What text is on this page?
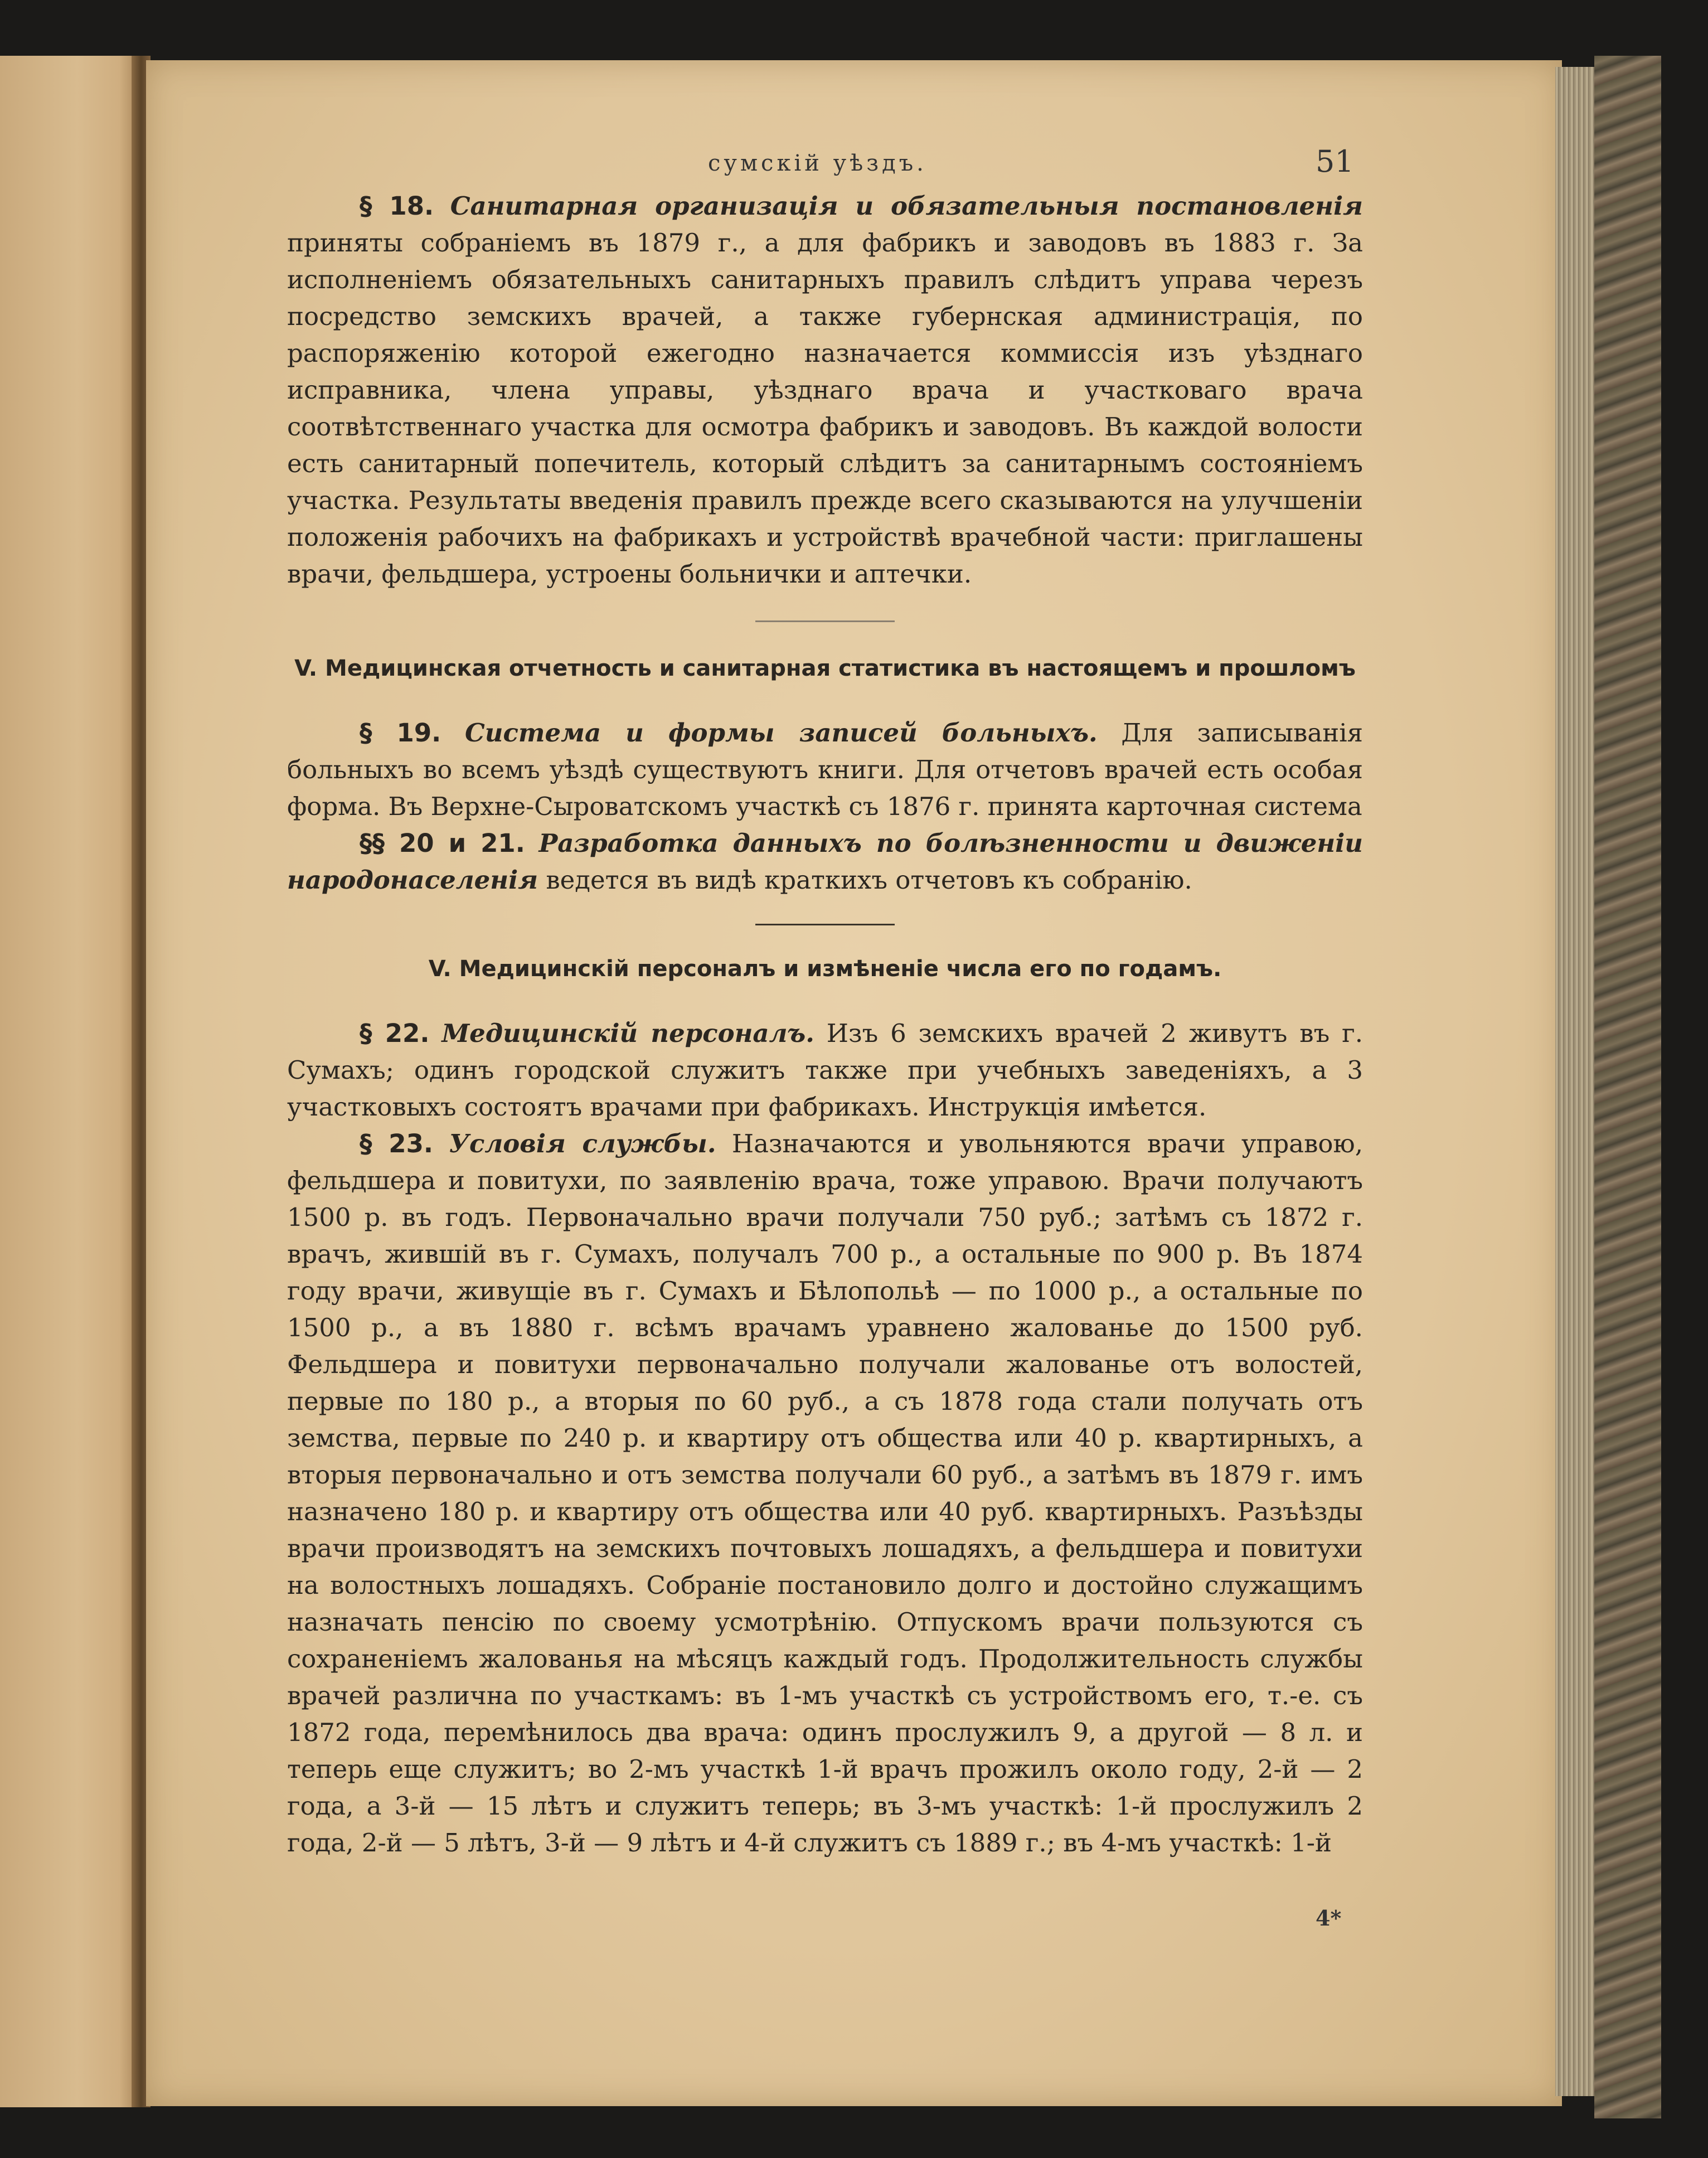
сумскій уѣздъ.	51

§ 18. Санитарная организація и обязательныя постановленія приняты собраніемъ въ 1879 г., а для фабрикъ и заводовъ въ 1883 г. За исполненіемъ обязательныхъ санитарныхъ правилъ слѣдитъ управа черезъ посредство земскихъ врачей, а также губернская администрація, по распоряженію которой ежегодно назначается коммиссія изъ уѣзднаго исправника, члена управы, уѣзднаго врача и участковаго врача соотвѣтственнаго участка для осмотра фабрикъ и заводовъ. Въ каждой волости есть санитарный попечитель, который слѣдитъ за санитарнымъ состояніемъ участка. Результаты введенія правилъ прежде всего сказываются на улучшеніи положенія рабочихъ на фабрикахъ и устройствѣ врачебной части: приглашены врачи, фельдшера, устроены больнички и аптечки.

V. Медицинская отчетность и санитарная статистика въ настоящемъ и прошломъ

§ 19. Система и формы записей больныхъ. Для записыванія больныхъ во всемъ уѣздѣ существуютъ книги. Для отчетовъ врачей есть особая форма. Въ Верхне-Сыроватскомъ участкѣ съ 1876 г. принята карточная система

§§ 20 и 21. Разработка данныхъ по болѣзненности и движеніи народонаселенія ведется въ видѣ краткихъ отчетовъ къ собранію.

V. Медицинскій персоналъ и измѣненіе числа его по годамъ.

§ 22. Медицинскій персоналъ. Изъ 6 земскихъ врачей 2 живутъ въ г. Сумахъ; одинъ городской служитъ также при учебныхъ заведеніяхъ, а 3 участковыхъ состоятъ врачами при фабрикахъ. Инструкція имѣется.

§ 23. Условія службы. Назначаются и увольняются врачи управою, фельдшера и повитухи, по заявленію врача, тоже управою. Врачи получаютъ 1500 р. въ годъ. Первоначально врачи получали 750 руб.; затѣмъ съ 1872 г. врачъ, жившій въ г. Сумахъ, получалъ 700 р., а остальные по 900 р. Въ 1874 году врачи, живущіе въ г. Сумахъ и Бѣлопольѣ — по 1000 р., а остальные по 1500 р., а въ 1880 г. всѣмъ врачамъ уравнено жалованье до 1500 руб. Фельдшера и повитухи первоначально получали жалованье отъ волостей, первые по 180 р., а вторыя по 60 руб., а съ 1878 года стали получать отъ земства, первые по 240 р. и квартиру отъ общества или 40 р. квартирныхъ, а вторыя первоначально и отъ земства получали 60 руб., а затѣмъ въ 1879 г. имъ назначено 180 р. и квартиру отъ общества или 40 руб. квартирныхъ. Разъѣзды врачи производятъ на земскихъ почтовыхъ лошадяхъ, а фельдшера и повитухи на волостныхъ лошадяхъ. Собраніе постановило долго и достойно служащимъ назначать пенсію по своему усмотрѣнію. Отпускомъ врачи пользуются съ сохраненіемъ жалованья на мѣсяцъ каждый годъ. Продолжительность службы врачей различна по участкамъ: въ 1-мъ участкѣ съ устройствомъ его, т.-е. съ 1872 года, перемѣнилось два врача: одинъ прослужилъ 9, а другой — 8 л. и теперь еще служитъ; во 2-мъ участкѣ 1-й врачъ прожилъ около году, 2-й — 2 года, а 3-й — 15 лѣтъ и служитъ теперь; въ 3-мъ участкѣ: 1-й прослужилъ 2 года, 2-й — 5 лѣтъ, 3-й — 9 лѣтъ и 4-й служитъ съ 1889 г.; въ 4-мъ участкѣ: 1-й

4*
